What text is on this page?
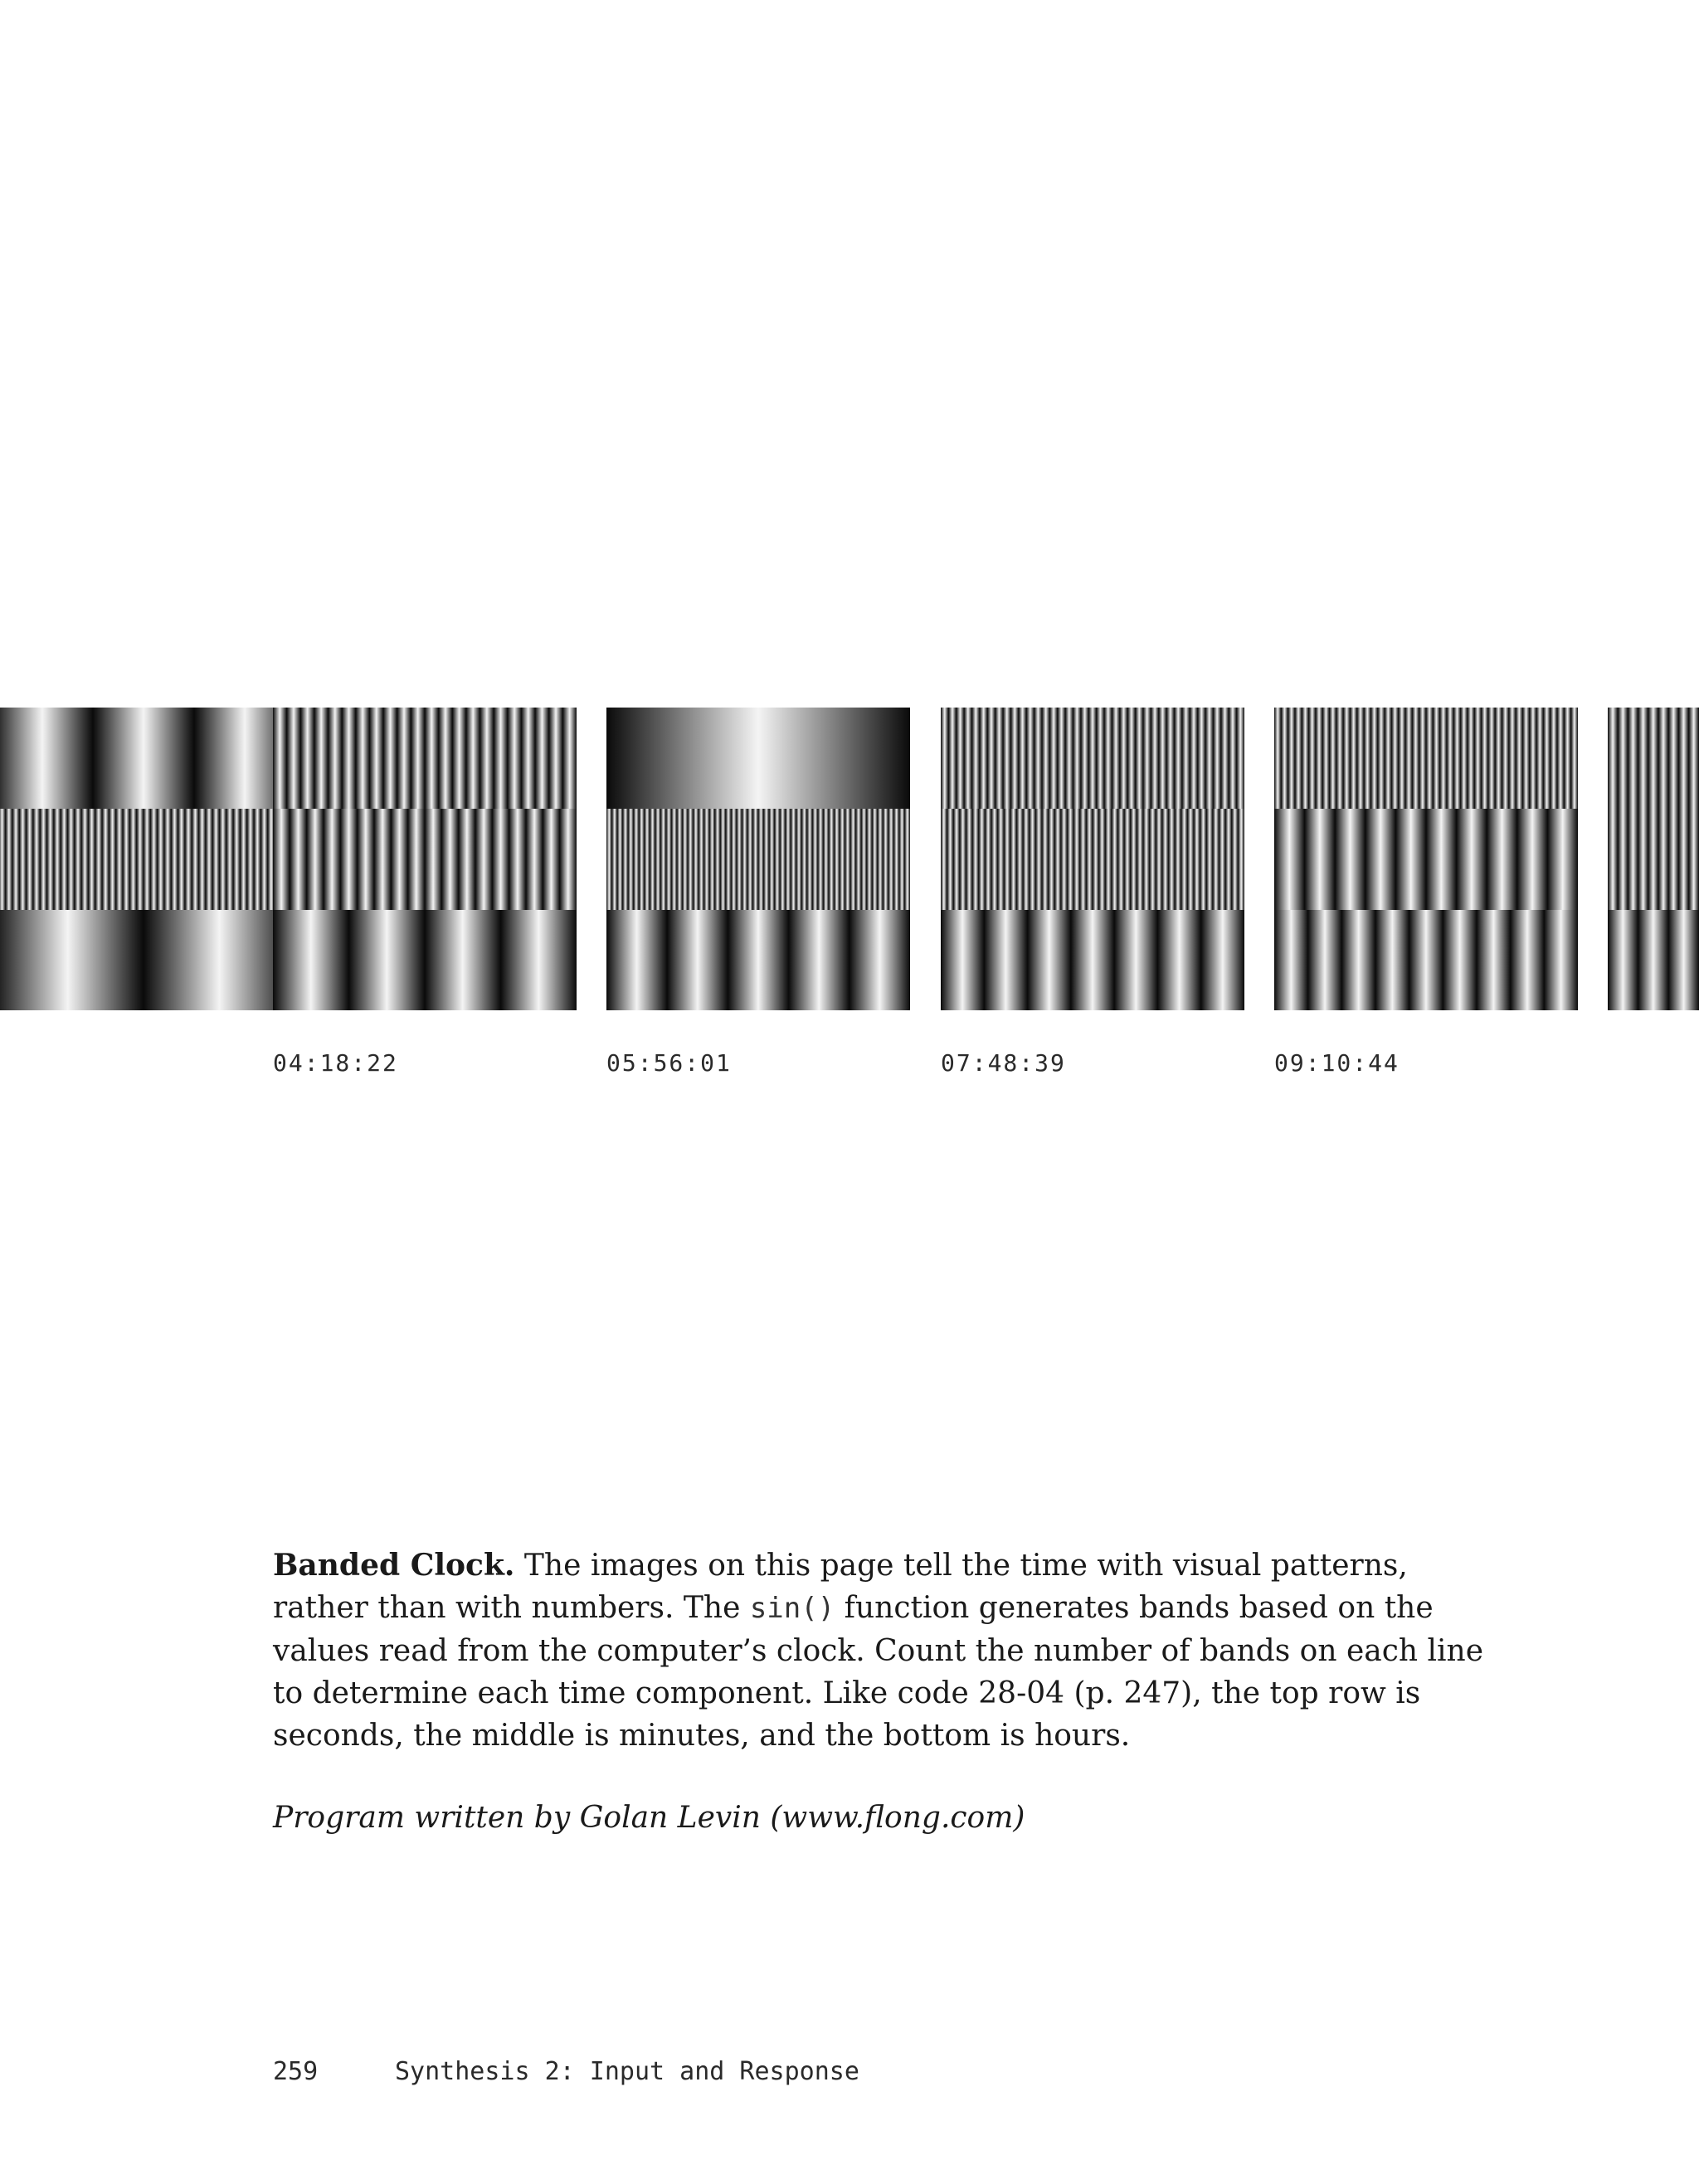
04:18:22	05:56:01	07:48:39	09:10:44
Banded Clock. The images on this page tell the time with visual patterns, rather than with numbers. The sin() function generates bands based on the values read from the computer’s clock. Count the number of bands on each line to determine each time component. Like code 28-04 (p. 247), the top row is seconds, the middle is minutes, and the bottom is hours.
Program written by Golan Levin (www.flong.com)
259	Synthesis 2: Input and Response
